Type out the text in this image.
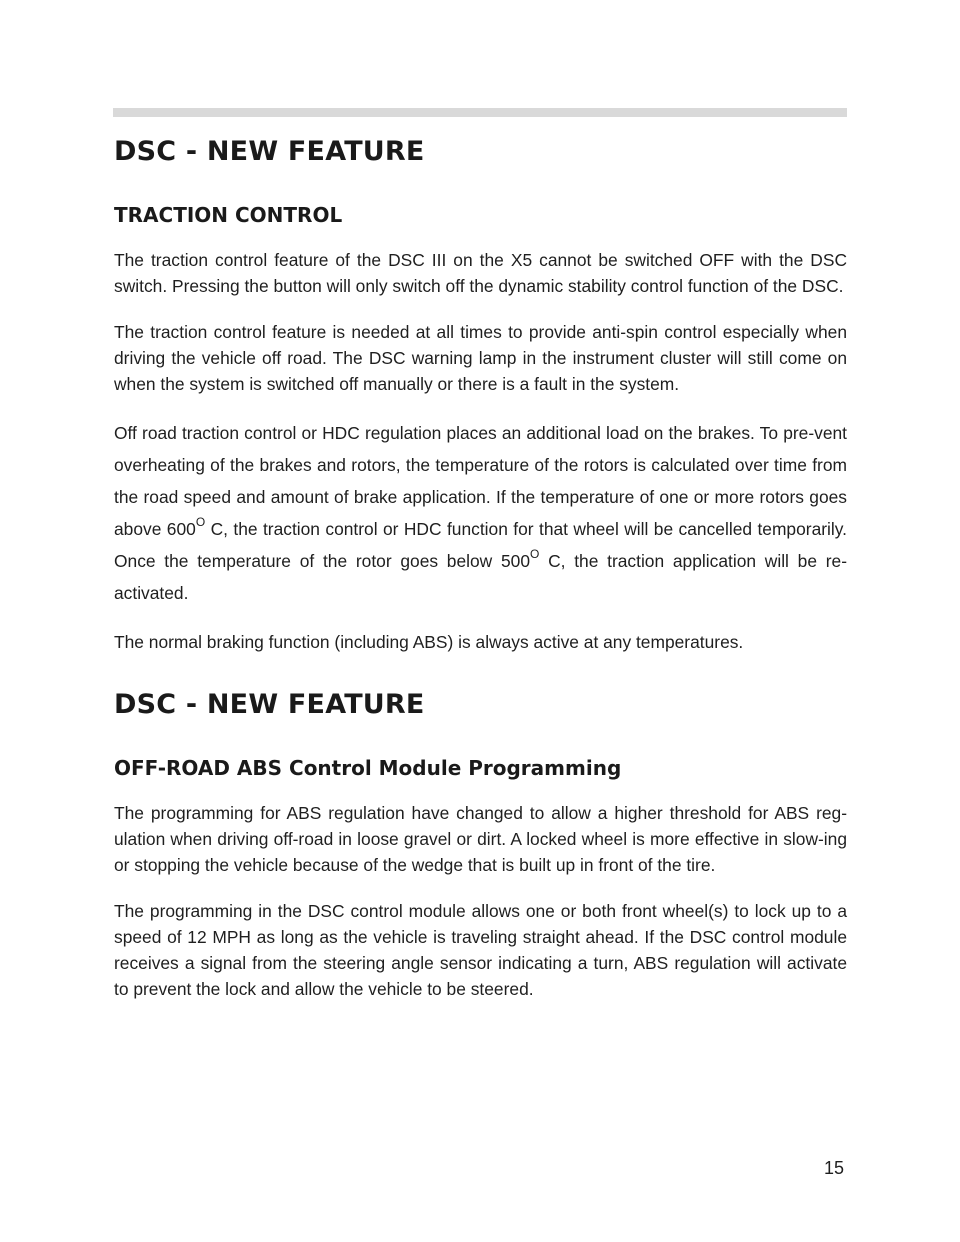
DSC - NEW FEATURE
TRACTION CONTROL

The traction control feature of the DSC III on the X5 cannot be switched OFF with the DSC switch. Pressing the button will only switch off the dynamic stability control function of the DSC.

The traction control feature is needed at all times to provide anti-spin control especially when driving the vehicle off road. The DSC warning lamp in the instrument cluster will still come on when the system is switched off manually or there is a fault in the system.

Off road traction control or HDC regulation places an additional load on the brakes. To pre-vent overheating of the brakes and rotors, the temperature of the rotors is calculated over time from the road speed and amount of brake application. If the temperature of one or more rotors goes above $600^O$ C, the traction control or HDC function for that wheel will be cancelled temporarily. Once the temperature of the rotor goes below $500^O$ C, the traction application will be re-activated.

The normal braking function (including ABS) is always active at any temperatures.

DSC - NEW FEATURE
OFF-ROAD ABS Control Module Programming

The programming for ABS regulation have changed to allow a higher threshold for ABS reg-ulation when driving off-road in loose gravel or dirt. A locked wheel is more effective in slow-ing or stopping the vehicle because of the wedge that is built up in front of the tire.

The programming in the DSC control module allows one or both front wheel(s) to lock up to a speed of 12 MPH as long as the vehicle is traveling straight ahead. If the DSC control module receives a signal from the steering angle sensor indicating a turn, ABS regulation will activate to prevent the lock and allow the vehicle to be steered.

15
